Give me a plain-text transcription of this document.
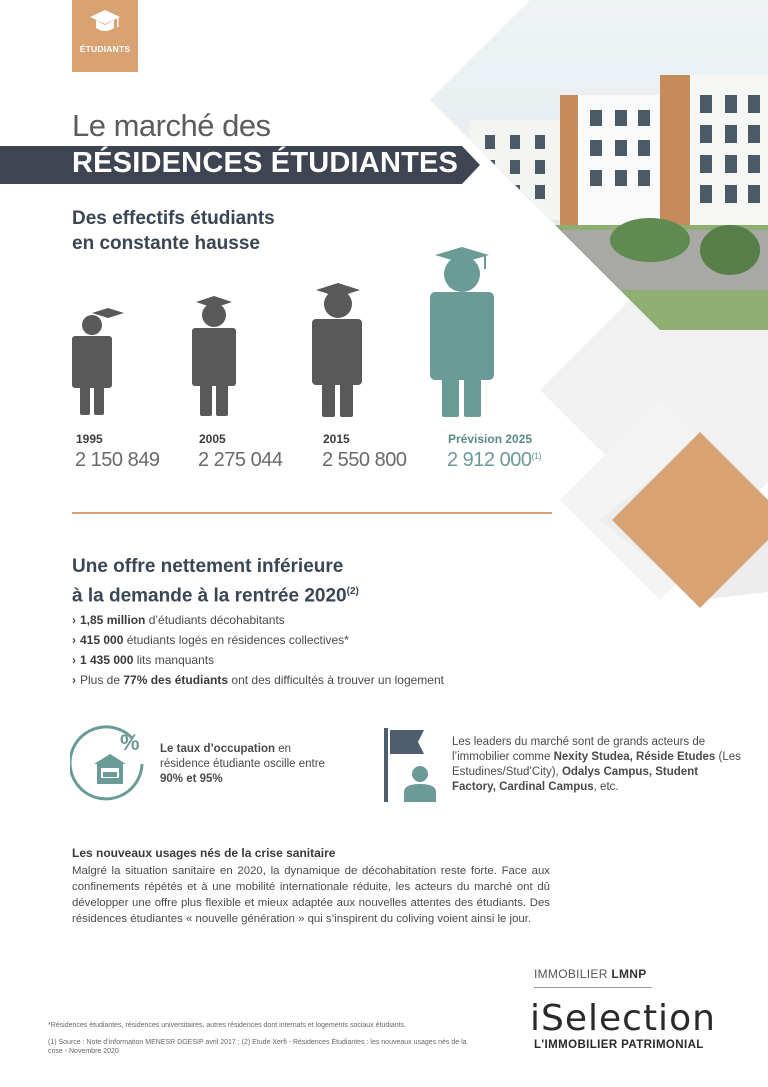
ÉTUDIANTS
Le marché des
RÉSIDENCES ÉTUDIANTES
Des effectifs étudiants
en constante hausse
1995
2 150 849
2005
2 275 044
2015
2 550 800
Prévision 2025
2 912 000$^{(1)}$
Une offre nettement inférieure
à la demande à la rentrée 2020$^{(2)}$
› 1,85 million d’étudiants décohabitants
› 415 000 étudiants logés en résidences collectives*
› 1 435 000 lits manquants
› Plus de 77% des étudiants ont des difficultés à trouver un logement
% Le taux d’occupation en résidence étudiante oscille entre 90% et 95%
Les leaders du marché sont de grands acteurs de l’immobilier comme Nexity Studea, Réside Etudes (Les Estudines/Stud’City), Odalys Campus, Student Factory, Cardinal Campus, etc.
Les nouveaux usages nés de la crise sanitaire
Malgré la situation sanitaire en 2020, la dynamique de décohabitation reste forte. Face aux confinements répétés et à une mobilité internationale réduite, les acteurs du marché ont dû développer une offre plus flexible et mieux adaptée aux nouvelles attentes des étudiants. Des résidences étudiantes « nouvelle génération » qui s’inspirent du coliving voient ainsi le jour.
IMMOBILIER LMNP
iSelection
L'IMMOBILIER PATRIMONIAL
*Résidences étudiantes, résidences universitaires, autres résidences dont internats et logements sociaux étudiants.
(1) Source : Note d’information MENESR DGESIP avril 2017 ; (2) Etude Xerfi - Résidences Étudiantes : les nouveaux usages nés de la crise - Novembre 2020
